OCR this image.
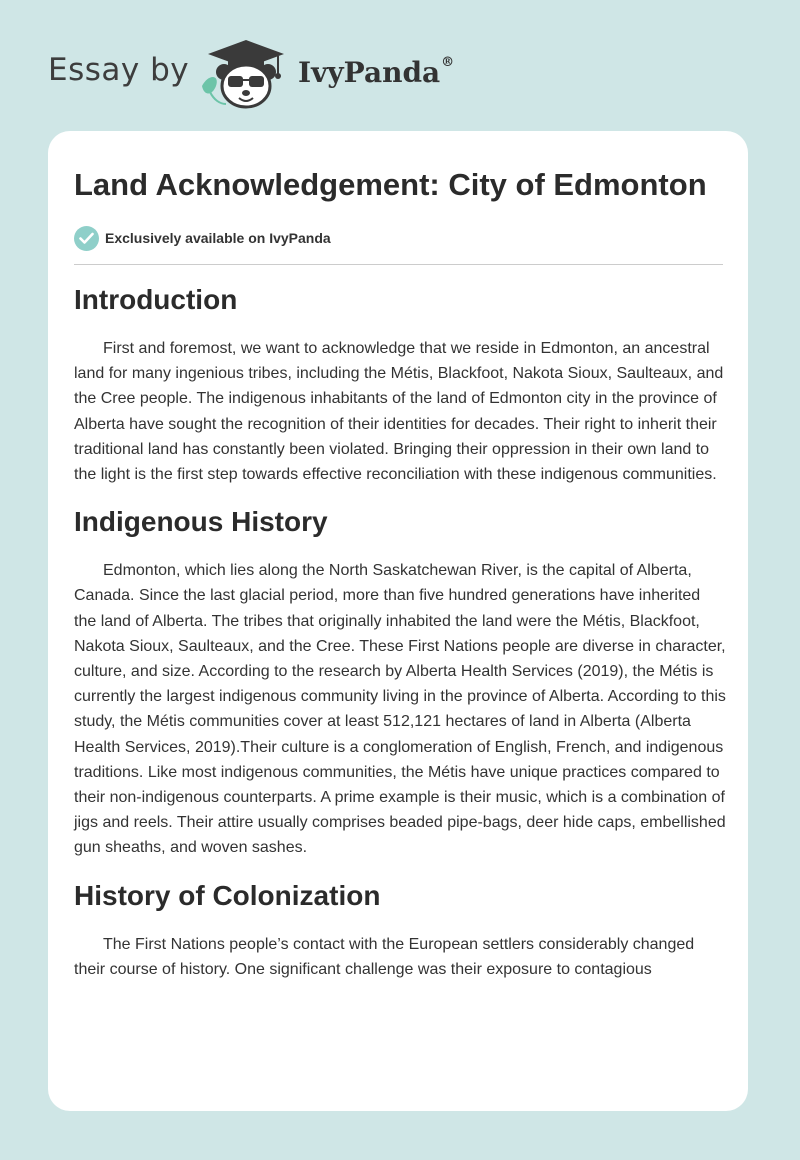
Essay by	IvyPanda®
Land Acknowledgement: City of Edmonton
Exclusively available on IvyPanda
Introduction

First and foremost, we want to acknowledge that we reside in Edmonton, an ancestral land for many ingenious tribes, including the Métis, Blackfoot, Nakota Sioux, Saulteaux, and the Cree people. The indigenous inhabitants of the land of Edmonton city in the province of Alberta have sought the recognition of their identities for decades. Their right to inherit their traditional land has constantly been violated. Bringing their oppression in their own land to the light is the first step towards effective reconciliation with these indigenous communities.

Indigenous History

Edmonton, which lies along the North Saskatchewan River, is the capital of Alberta, Canada. Since the last glacial period, more than five hundred generations have inherited the land of Alberta. The tribes that originally inhabited the land were the Métis, Blackfoot, Nakota Sioux, Saulteaux, and the Cree. These First Nations people are diverse in character, culture, and size. According to the research by Alberta Health Services (2019), the Métis is currently the largest indigenous community living in the province of Alberta. According to this study, the Métis communities cover at least 512,121 hectares of land in Alberta (Alberta Health Services, 2019).Their culture is a conglomeration of English, French, and indigenous traditions. Like most indigenous communities, the Métis have unique practices compared to their non-indigenous counterparts. A prime example is their music, which is a combination of jigs and reels. Their attire usually comprises beaded pipe-bags, deer hide caps, embellished gun sheaths, and woven sashes.

History of Colonization

The First Nations people’s contact with the European settlers considerably changed their course of history. One significant challenge was their exposure to contagious
